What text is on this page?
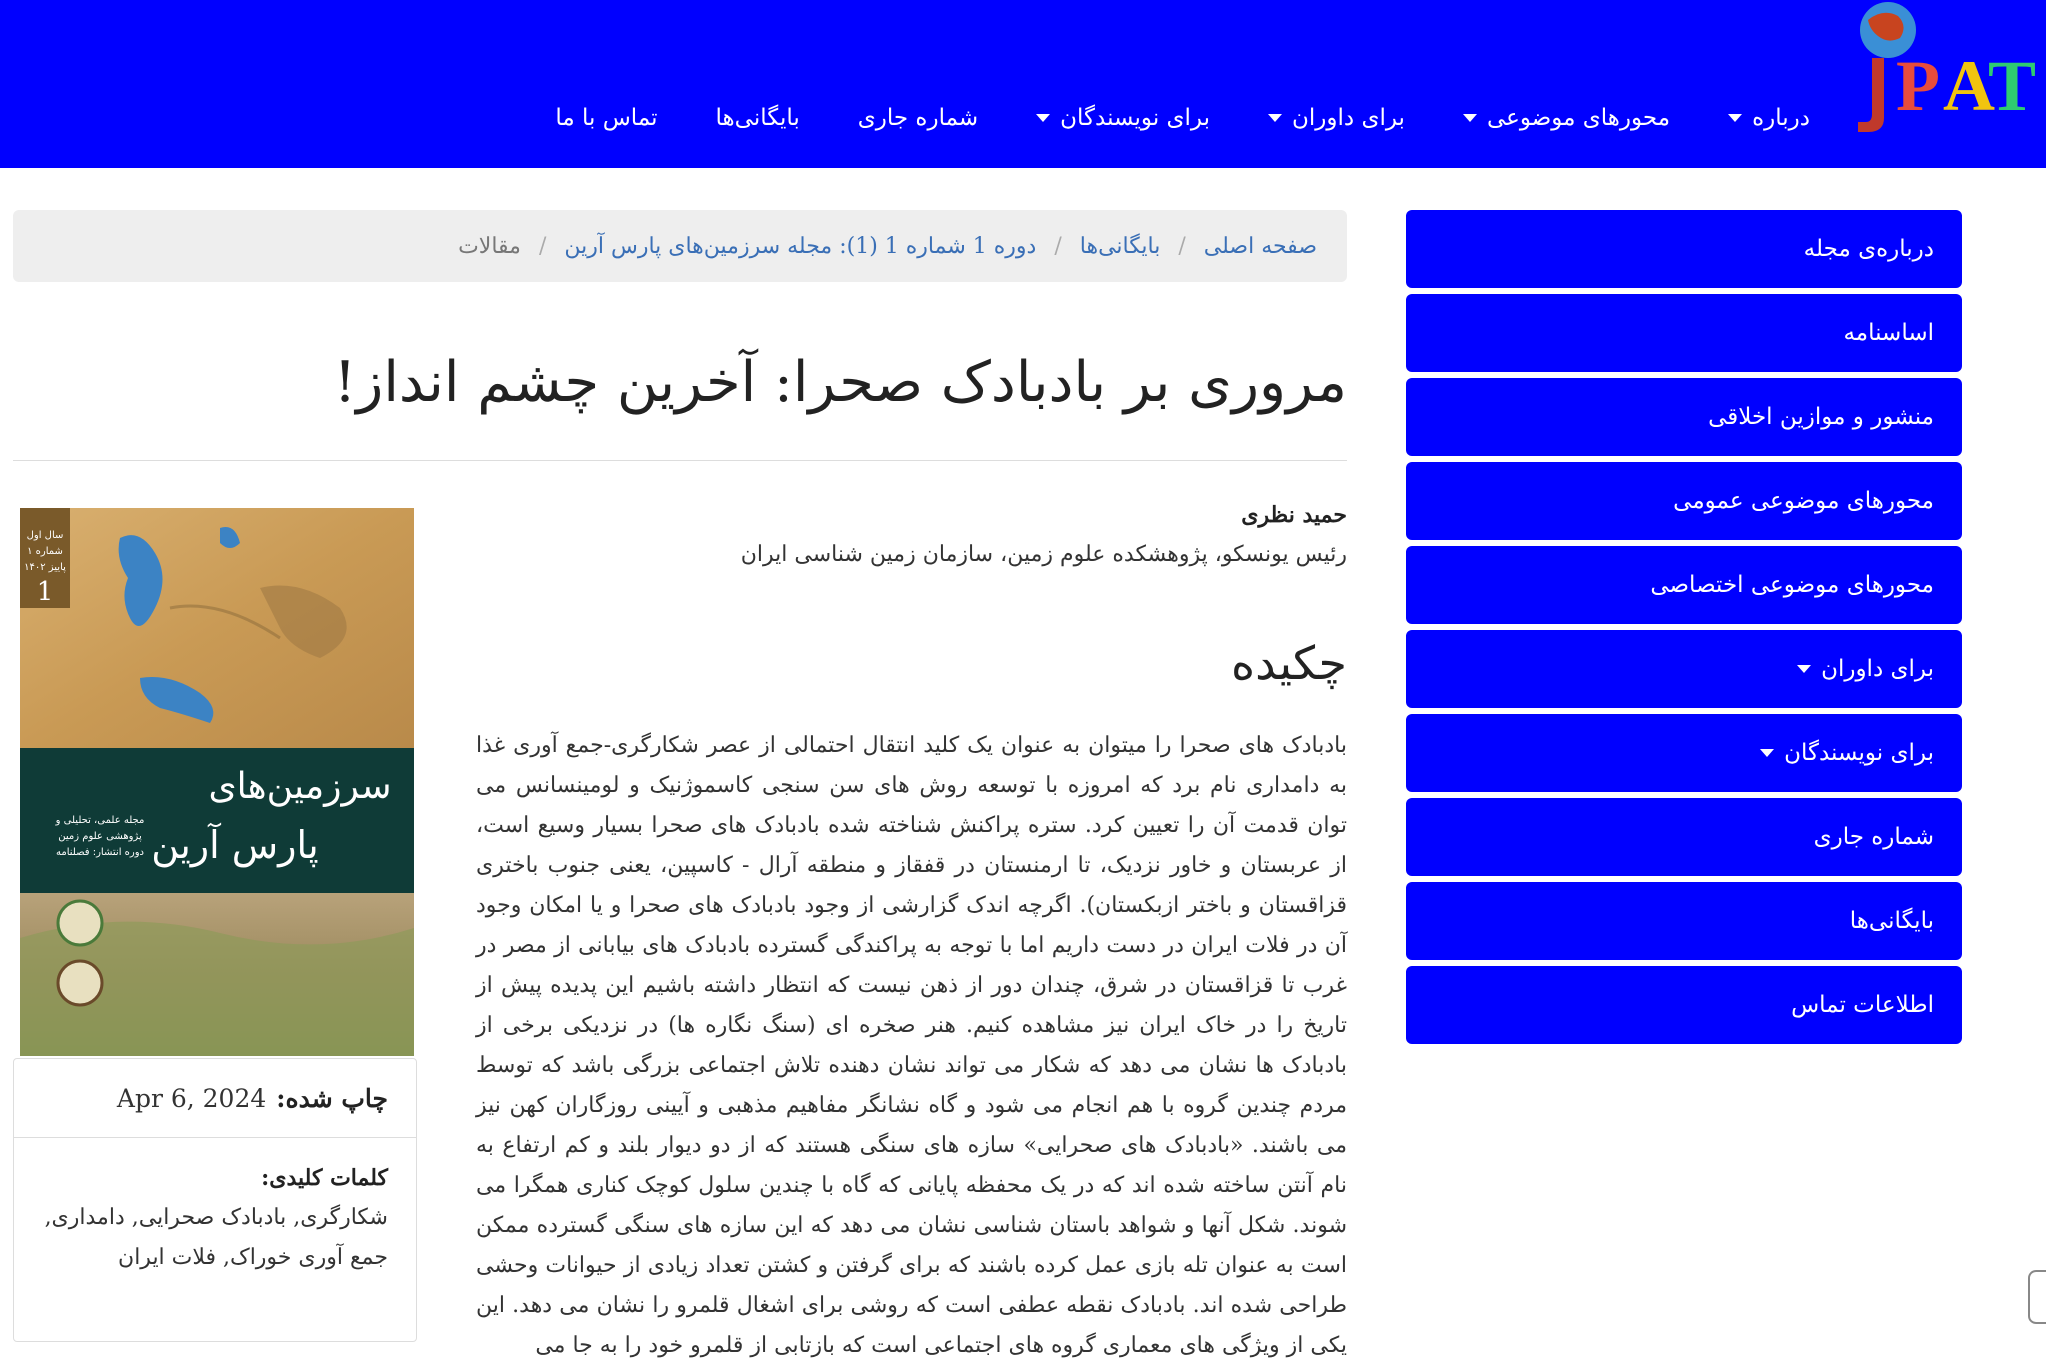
P A
T
درباره
محورهای موضوعی
برای داوران
برای نویسندگان
شماره جاری
بایگانی‌ها
تماس با ما
صفحه اصلی
/
بایگانی‌ها
/
دوره 1 شماره 1 (1): مجله سرزمین‌های پارس آرین
/
مقالات
مروری بر بادبادک صحرا: آخرین چشم انداز!
حمید نظری
رئیس یونسکو، پژوهشکده علوم زمین، سازمان زمین شناسی ایران
چکیده

بادبادک های صحرا را میتوان به عنوان یک کلید انتقال احتمالی از عصر شکارگری-جمع آوری غذا به دامداری نام برد که امروزه با توسعه روش های سن سنجی کاسموژنیک و لومینسانس می توان قدمت آن را تعیین کرد. ستره پراکنش شناخته شده بادبادک های صحرا بسیار وسیع است، از عربستان و خاور نزدیک، تا ارمنستان در قفقاز و منطقه آرال - کاسپین، یعنی جنوب باختری قزاقستان و باختر ازبکستان). اگرچه اندک گزارشی از وجود بادبادک های صحرا و یا امکان وجود آن در فلات ایران در دست داریم اما با توجه به پراکندگی گسترده بادبادک های بیابانی از مصر در غرب تا قزاقستان در شرق، چندان دور از ذهن نیست که انتظار داشته باشیم این پدیده پیش از تاریخ را در خاک ایران نیز مشاهده کنیم. هنر صخره ای (سنگ نگاره ها) در نزدیکی برخی از بادبادک ها نشان می دهد که شکار می تواند نشان دهنده تلاش اجتماعی بزرگی باشد که توسط مردم چندین گروه با هم انجام می شود و گاه نشانگر مفاهیم مذهبی و آیینی روزگاران کهن نیز می باشند. «بادبادک های صحرایی» سازه های سنگی هستند که از دو دیوار بلند و کم ارتفاع به نام آنتن ساخته شده اند که در یک محفظه پایانی که گاه با چندین سلول کوچک کناری همگرا می شوند. شکل آنها و شواهد باستان شناسی نشان می دهد که این سازه های سنگی گسترده ممکن است به عنوان تله بازی عمل کرده باشند که برای گرفتن و کشتن تعداد زیادی از حیوانات وحشی طراحی شده اند. بادبادک نقطه عطفی است که روشی برای اشغال قلمرو را نشان می دهد. این یکی از ویژگی های معماری گروه های اجتماعی است که بازتابی از قلمرو خود را به جا می

سال اول
شماره ۱
پاییز ۱۴۰۲
1
سرزمین‌های
پارس آرین
مجله علمی، تحلیلی و
پژوهشی علوم زمین
دوره انتشار: فصلنامه
چاپ شده:
Apr 6, 2024
کلمات کلیدی:
شکارگری, بادبادک صحرایی, دامداری, جمع آوری خوراک, فلات ایران
درباره‌ی مجله
اساسنامه
منشور و موازین اخلاقی
محورهای موضوعی عمومی
محورهای موضوعی اختصاصی
برای داوران
برای نویسندگان
شماره جاری
بایگانی‌ها
اطلاعات تماس
